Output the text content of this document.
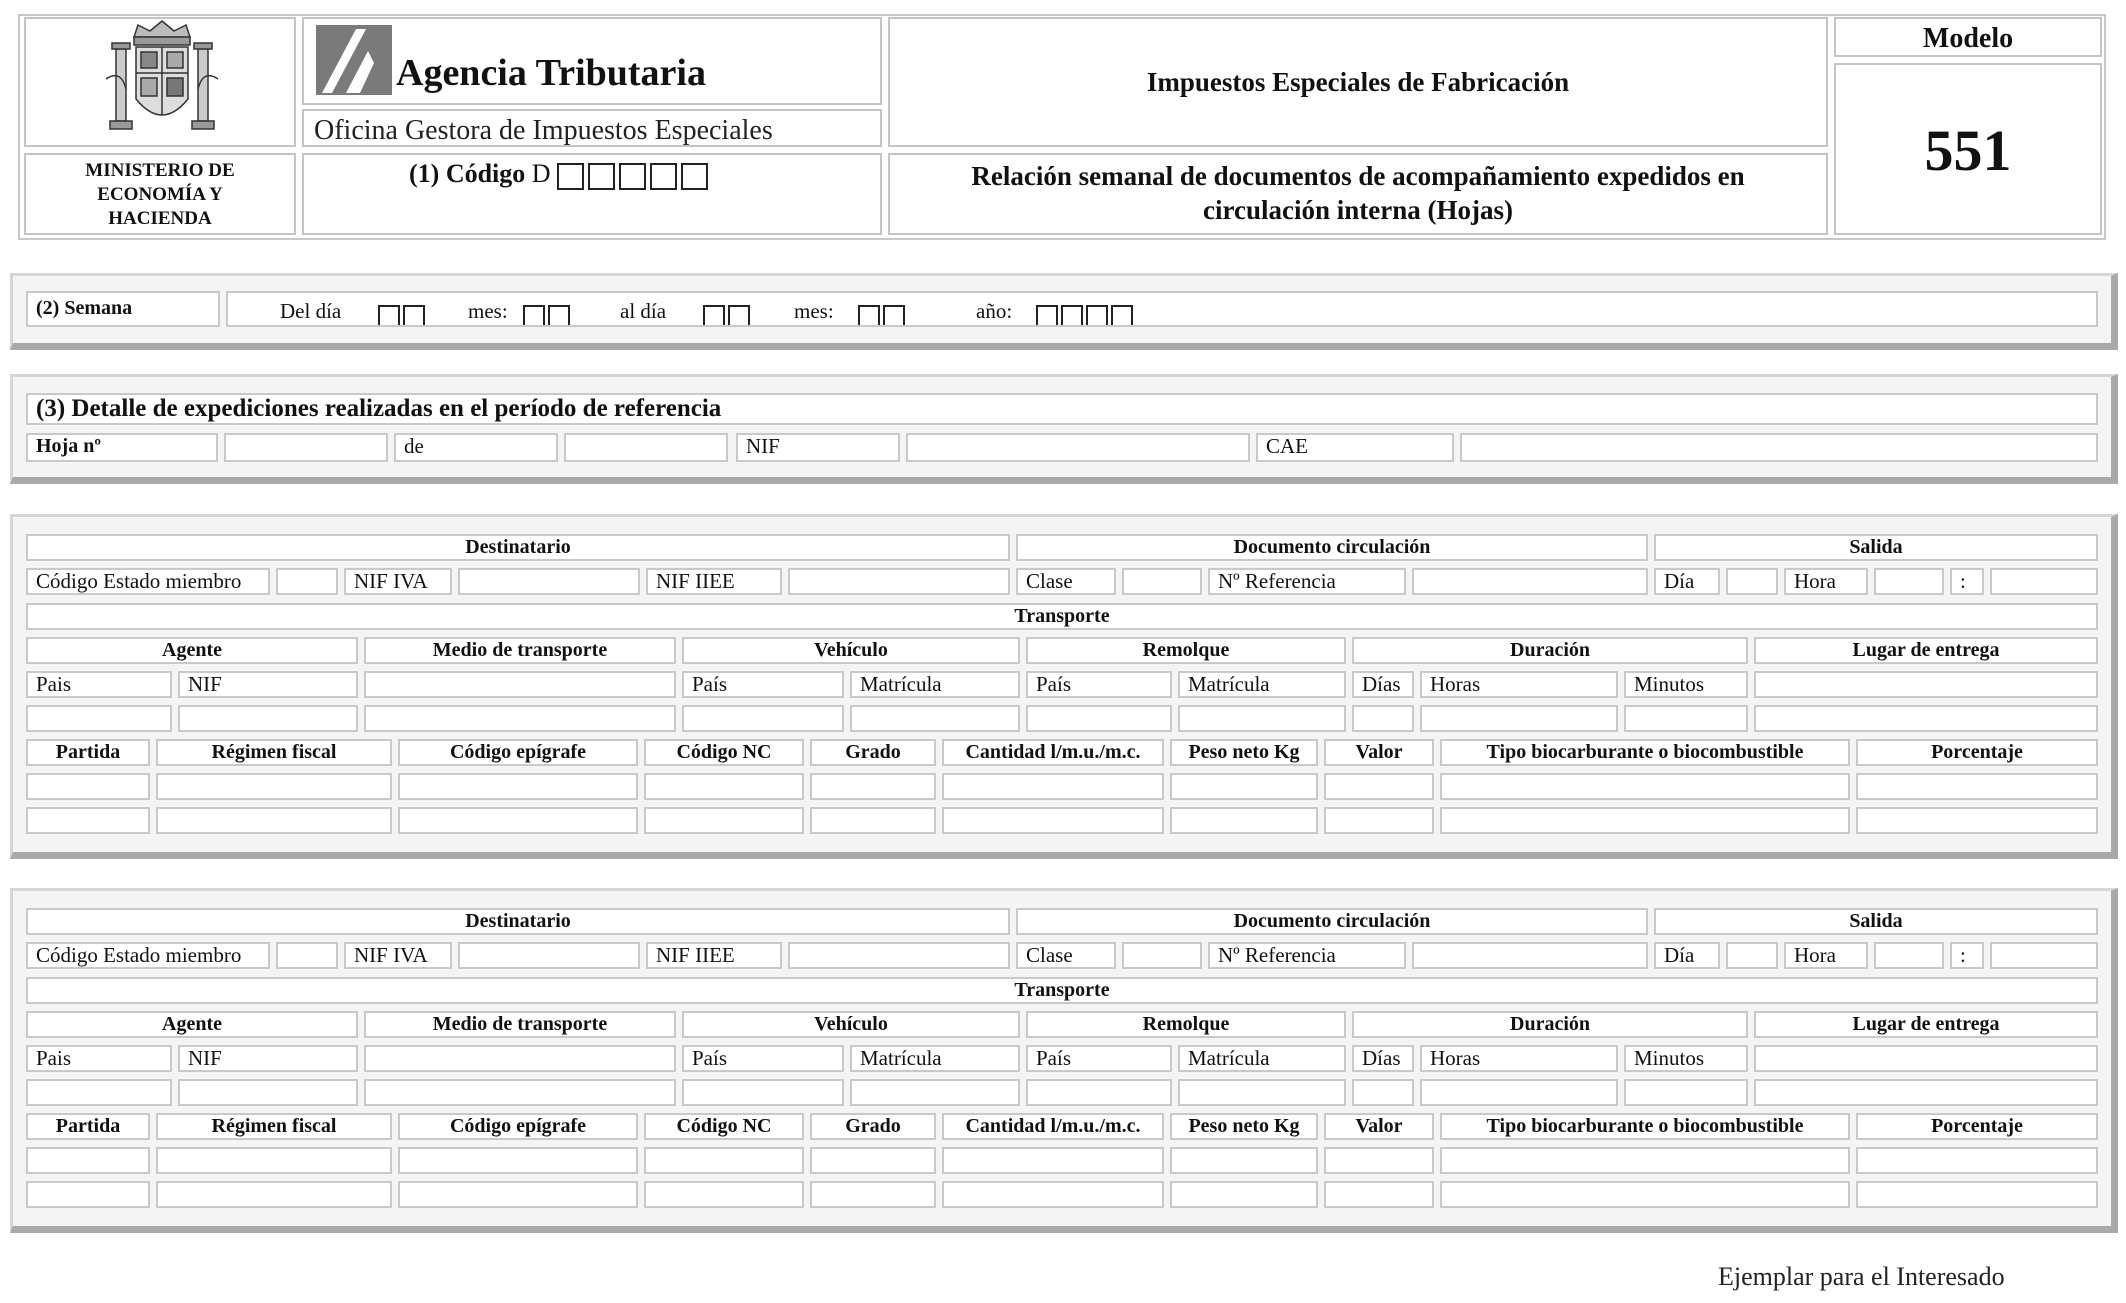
MINISTERIO DE
ECONOMÍA Y
HACIENDA
Agencia Tributaria
Oficina Gestora de Impuestos Especiales
(1) Código D
Impuestos Especiales de Fabricación
Relación semanal de documentos de acompañamiento expedidos en
circulación interna (Hojas)
Modelo
551
(2) Semana	Del día	mes:	al día	mes:	año:
(3) Detalle de expediciones realizadas en el período de referencia
Hoja nº	de	NIF	CAE
Destinatario	Documento circulación	Salida
Código Estado miembro	NIF IVA	NIF IIEE	Clase	Nº Referencia	Día	Hora	:
Transporte
Agente	Medio de transporte	Vehículo	Remolque	Duración	Lugar de entrega
Pais	NIF	País	Matrícula	País	Matrícula	Días	Horas	Minutos
Partida	Régimen fiscal	Código epígrafe	Código NC	Grado	Cantidad l/m.u./m.c.	Peso neto Kg	Valor	Tipo biocarburante o biocombustible	Porcentaje
Destinatario	Documento circulación	Salida
Código Estado miembro	NIF IVA	NIF IIEE	Clase	Nº Referencia	Día	Hora	:
Transporte
Agente	Medio de transporte	Vehículo	Remolque	Duración	Lugar de entrega
Pais	NIF	País	Matrícula	País	Matrícula	Días	Horas	Minutos
Partida	Régimen fiscal	Código epígrafe	Código NC	Grado	Cantidad l/m.u./m.c.	Peso neto Kg	Valor	Tipo biocarburante o biocombustible	Porcentaje
Ejemplar para el Interesado
